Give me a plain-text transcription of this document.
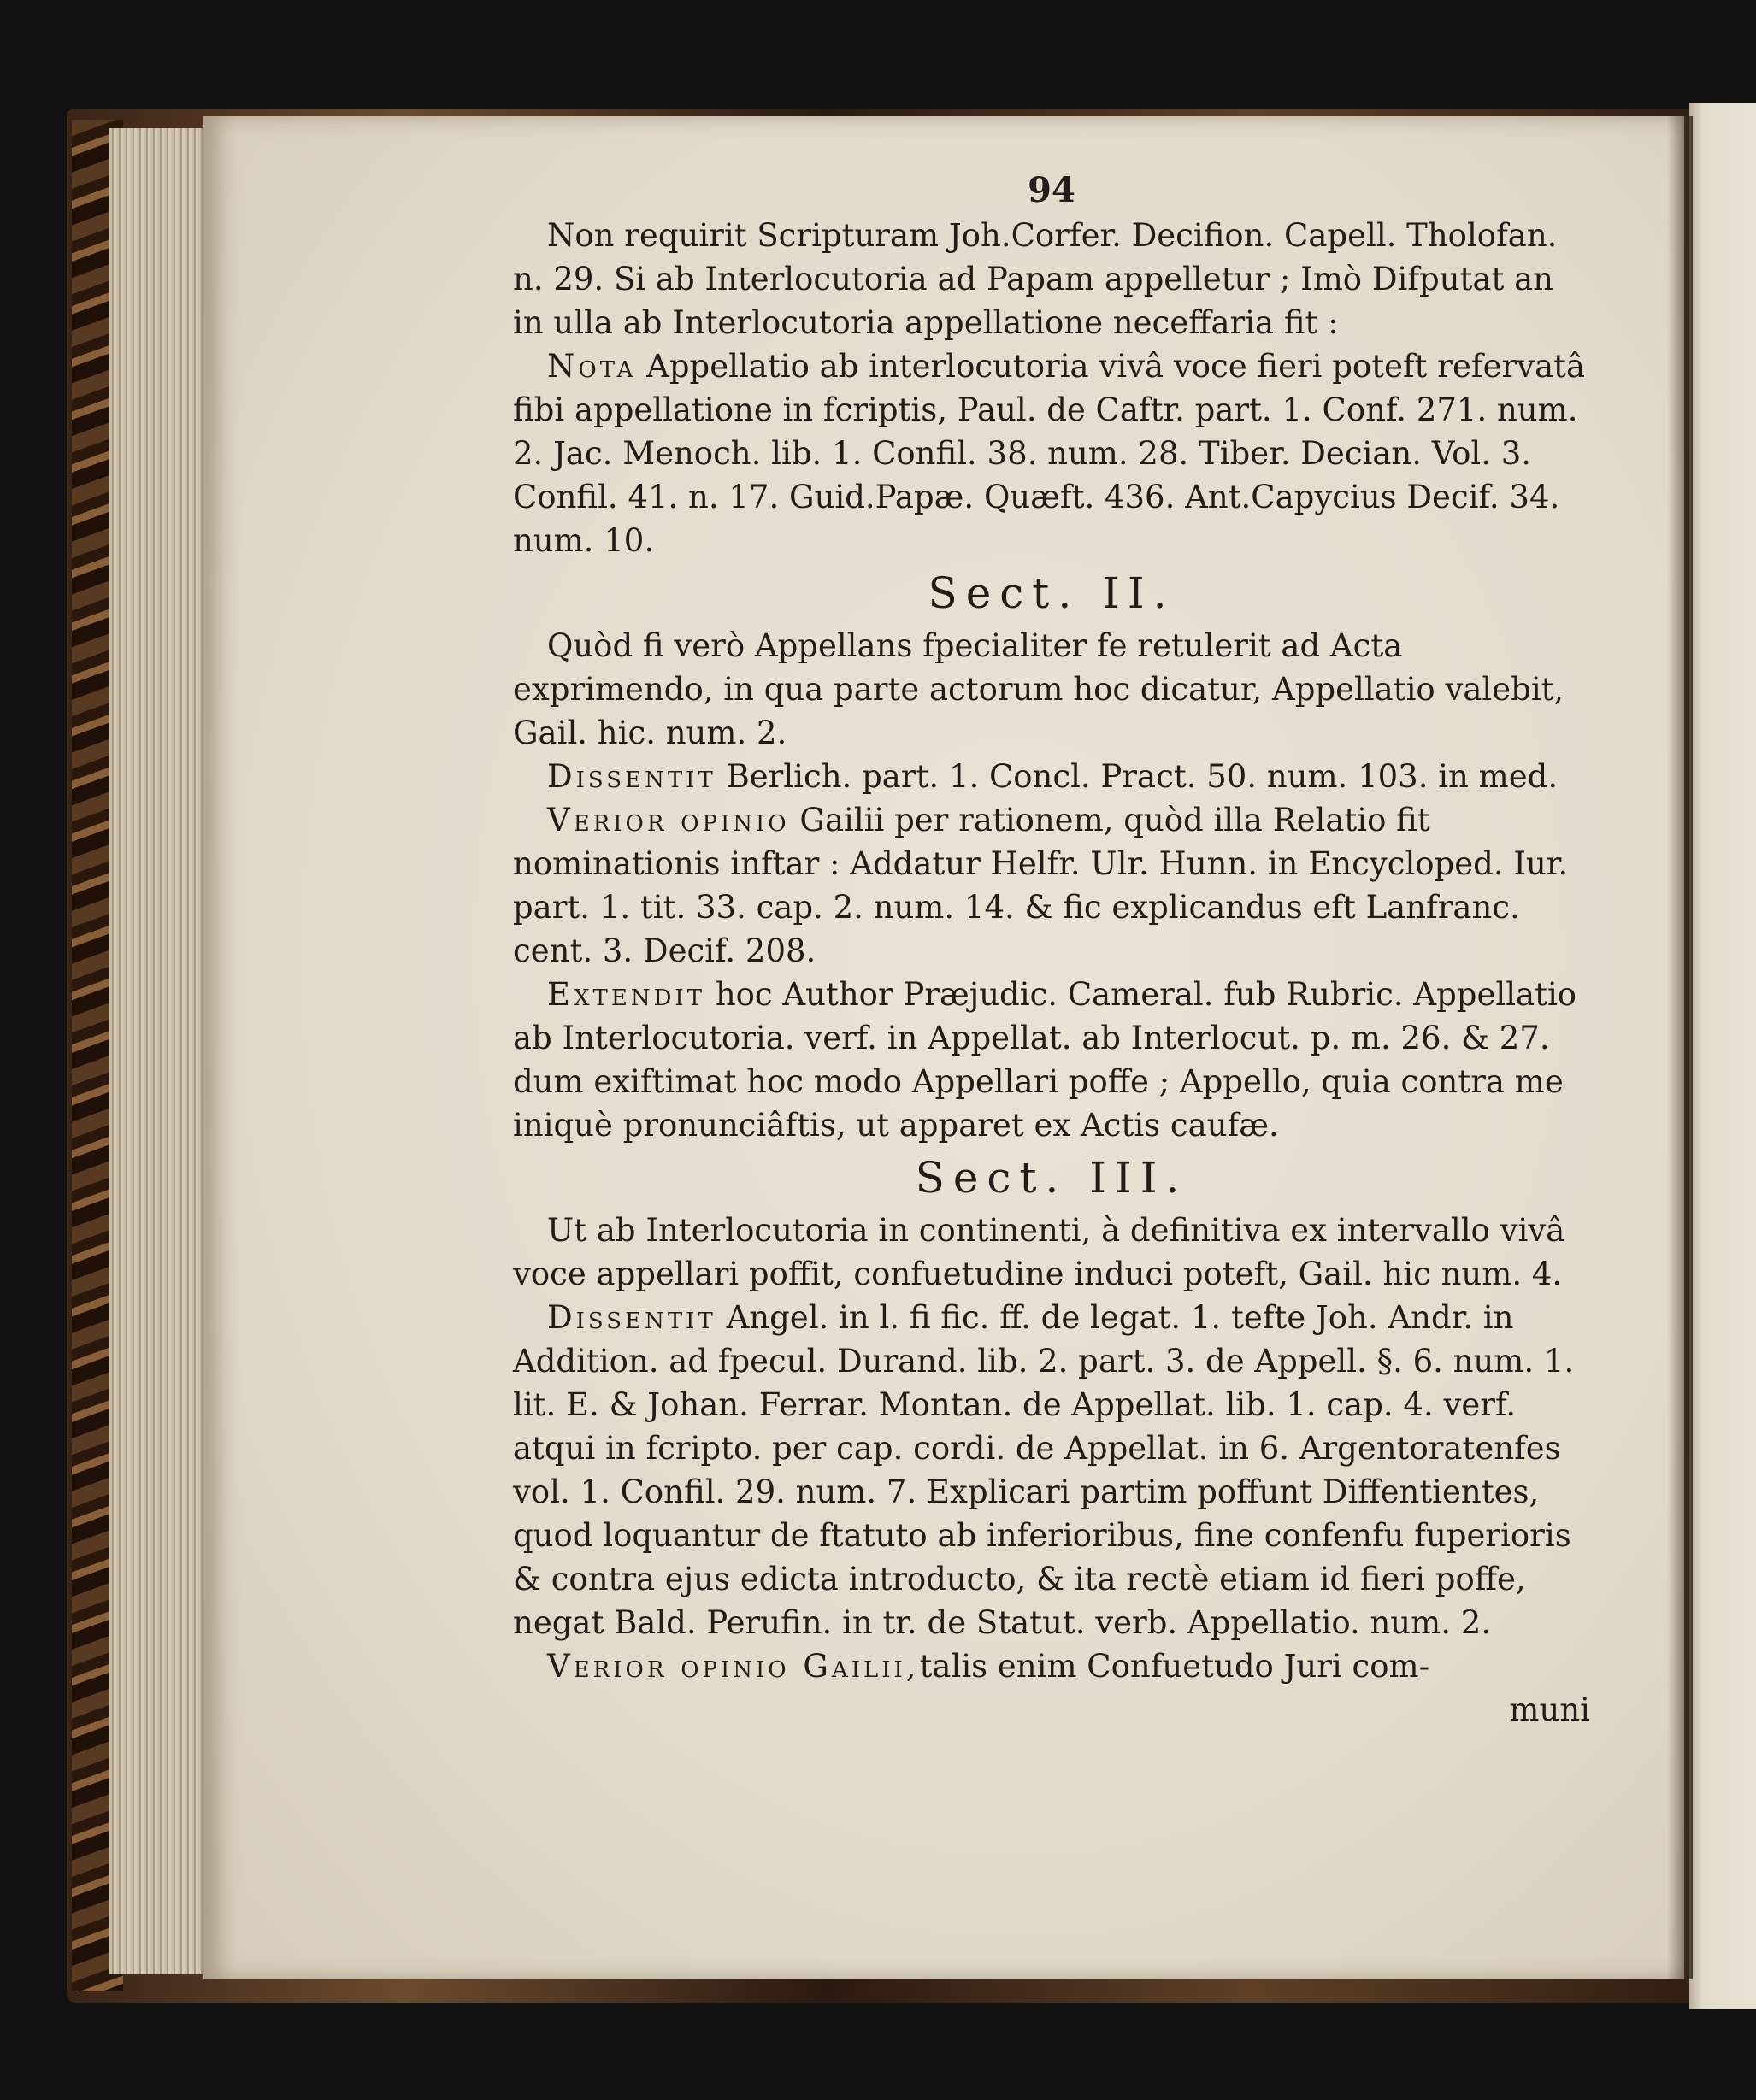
94

Non requirit Scripturam Joh.Corfer. Decifion. Capell. Tholofan. n. 29. Si ab Interlocutoria ad Papam appelletur ; Imò Difputat an in ulla ab Interlocutoria appellatione neceffaria fit :

Nota Appellatio ab interlocutoria vivâ voce fieri poteft refervatâ fibi appellatione in fcriptis, Paul. de Caftr. part. 1. Conf. 271. num. 2. Jac. Menoch. lib. 1. Confil. 38. num. 28. Tiber. Decian. Vol. 3. Confil. 41. n. 17. Guid.Papæ. Quæft. 436. Ant.Capycius Decif. 34. num. 10.

Sect. II.

Quòd fi verò Appellans fpecialiter fe retulerit ad Acta exprimendo, in qua parte actorum hoc dicatur, Appellatio valebit, Gail. hic. num. 2.

Dissentit Berlich. part. 1. Concl. Pract. 50. num. 103. in med.

Verior opinio Gailii per rationem, quòd illa Relatio fit nominationis inftar : Addatur Helfr. Ulr. Hunn. in Encycloped. Iur. part. 1. tit. 33. cap. 2. num. 14. & fic explicandus eft Lanfranc. cent. 3. Decif. 208.

Extendit hoc Author Præjudic. Cameral. fub Rubric. Appellatio ab Interlocutoria. verf. in Appellat. ab Interlocut. p. m. 26. & 27. dum exiftimat hoc modo Appellari poffe ; Appello, quia contra me iniquè pronunciâftis, ut apparet ex Actis caufæ.

Sect. III.

Ut ab Interlocutoria in continenti, à definitiva ex intervallo vivâ voce appellari poffit, confuetudine induci poteft, Gail. hic num. 4.

Dissentit Angel. in l. fi fic. ff. de legat. 1. tefte Joh. Andr. in Addition. ad fpecul. Durand. lib. 2. part. 3. de Appell. §. 6. num. 1. lit. E. & Johan. Ferrar. Montan. de Appellat. lib. 1. cap. 4. verf. atqui in fcripto. per cap. cordi. de Appellat. in 6. Argentoratenfes vol. 1. Confil. 29. num. 7. Explicari partim poffunt Diffentientes, quod loquantur de ftatuto ab inferioribus, fine confenfu fuperioris & contra ejus edicta introducto, & ita rectè etiam id fieri poffe, negat Bald. Perufin. in tr. de Statut. verb. Appellatio. num. 2.

Verior opinio Gailii,talis enim Confuetudo Juri com-

muni
